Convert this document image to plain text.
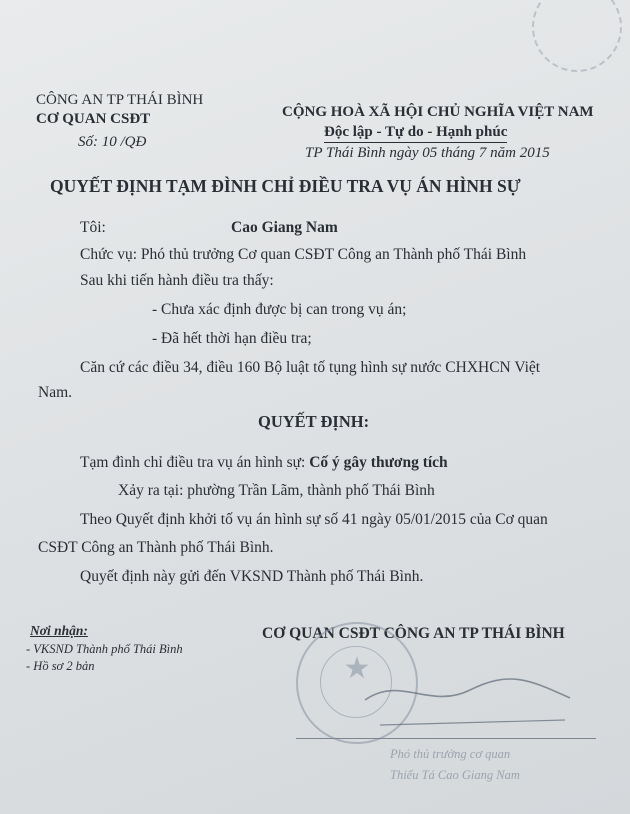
CÔNG AN TP THÁI BÌNH
CƠ QUAN CSĐT
Số: 10 /QĐ
CỘNG HOÀ XÃ HỘI CHỦ NGHĨA VIỆT NAM
Độc lập - Tự do - Hạnh phúc
TP Thái Bình ngày 05 tháng 7 năm 2015
QUYẾT ĐỊNH TẠM ĐÌNH CHỈ ĐIỀU TRA VỤ ÁN HÌNH SỰ
Tôi:	Cao Giang Nam
Chức vụ: Phó thủ trưởng Cơ quan CSĐT Công an Thành phố Thái Bình
Sau khi tiến hành điều tra thấy:
- Chưa xác định được bị can trong vụ án;
- Đã hết thời hạn điều tra;
Căn cứ các điều 34, điều 160 Bộ luật tố tụng hình sự nước CHXHCN Việt
Nam.
QUYẾT ĐỊNH:
Tạm đình chỉ điều tra vụ án hình sự: Cố ý gây thương tích
Xảy ra tại: phường Trần Lãm, thành phố Thái Bình
Theo Quyết định khởi tố vụ án hình sự số 41 ngày 05/01/2015 của Cơ quan
CSĐT Công an Thành phố Thái Bình.
Quyết định này gửi đến VKSND Thành phố Thái Bình.
Nơi nhận:
- VKSND Thành phố Thái Bình
- Hồ sơ 2 bản
CƠ QUAN CSĐT CÔNG AN TP THÁI BÌNH
★
Phó thủ trưởng cơ quan
Thiếu Tá Cao Giang Nam
